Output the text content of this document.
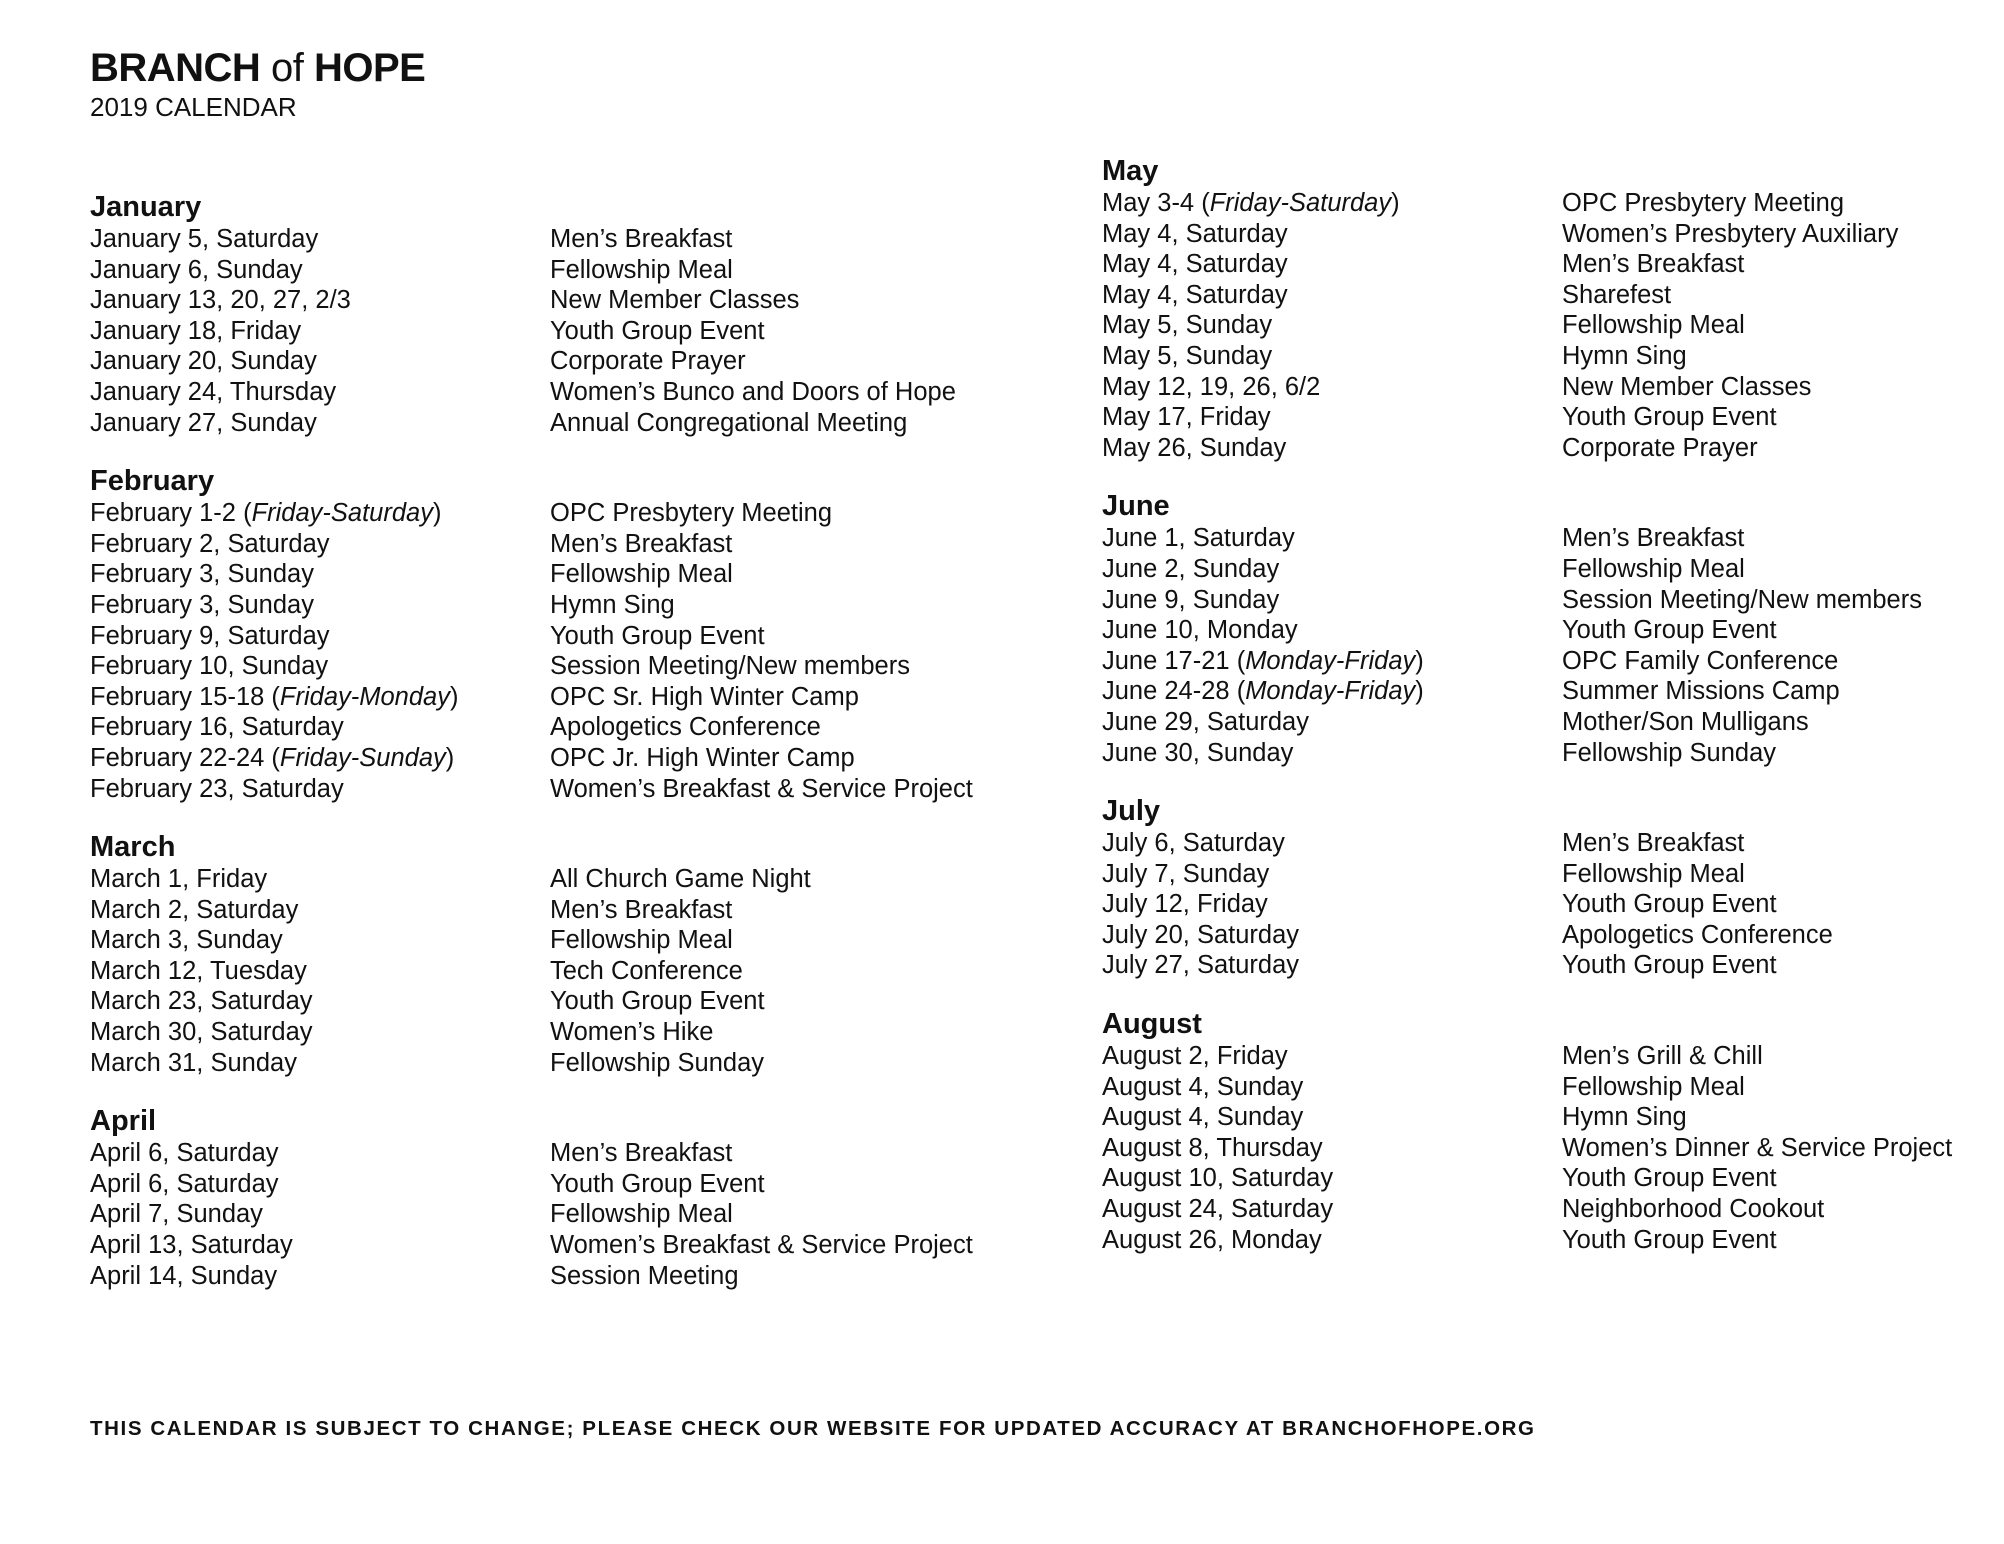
BRANCH of HOPE
2019 CALENDAR
January
January 5, Saturday	Men’s Breakfast
January 6, Sunday	Fellowship Meal
January 13, 20, 27, 2/3	New Member Classes
January 18, Friday	Youth Group Event
January 20, Sunday	Corporate Prayer
January 24, Thursday	Women’s Bunco and Doors of Hope
January 27, Sunday	Annual Congregational Meeting
February
February 1-2 (Friday-Saturday)	OPC Presbytery Meeting
February 2, Saturday	Men’s Breakfast
February 3, Sunday	Fellowship Meal
February 3, Sunday	Hymn Sing
February 9, Saturday	Youth Group Event
February 10, Sunday	Session Meeting/New members
February 15-18 (Friday-Monday)	OPC Sr. High Winter Camp
February 16, Saturday	Apologetics Conference
February 22-24 (Friday-Sunday)	OPC Jr. High Winter Camp
February 23, Saturday	Women’s Breakfast & Service Project
March
March 1, Friday	All Church Game Night
March 2, Saturday	Men’s Breakfast
March 3, Sunday	Fellowship Meal
March 12, Tuesday	Tech Conference
March 23, Saturday	Youth Group Event
March 30, Saturday	Women’s Hike
March 31, Sunday	Fellowship Sunday
April
April 6, Saturday	Men’s Breakfast
April 6, Saturday	Youth Group Event
April 7, Sunday	Fellowship Meal
April 13, Saturday	Women’s Breakfast & Service Project
April 14, Sunday	Session Meeting
May
May 3-4 (Friday-Saturday)	OPC Presbytery Meeting
May 4, Saturday	Women’s Presbytery Auxiliary
May 4, Saturday	Men’s Breakfast
May 4, Saturday	Sharefest
May 5, Sunday	Fellowship Meal
May 5, Sunday	Hymn Sing
May 12, 19, 26, 6/2	New Member Classes
May 17, Friday	Youth Group Event
May 26, Sunday	Corporate Prayer
June
June 1, Saturday	Men’s Breakfast
June 2, Sunday	Fellowship Meal
June 9, Sunday	Session Meeting/New members
June 10, Monday	Youth Group Event
June 17-21 (Monday-Friday)	OPC Family Conference
June 24-28 (Monday-Friday)	Summer Missions Camp
June 29, Saturday	Mother/Son Mulligans
June 30, Sunday	Fellowship Sunday
July
July 6, Saturday	Men’s Breakfast
July 7, Sunday	Fellowship Meal
July 12, Friday	Youth Group Event
July 20, Saturday	Apologetics Conference
July 27, Saturday	Youth Group Event
August
August 2, Friday	Men’s Grill & Chill
August 4, Sunday	Fellowship Meal
August 4, Sunday	Hymn Sing
August 8, Thursday	Women’s Dinner & Service Project
August 10, Saturday	Youth Group Event
August 24, Saturday	Neighborhood Cookout
August 26, Monday	Youth Group Event
THIS CALENDAR IS SUBJECT TO CHANGE; PLEASE CHECK OUR WEBSITE FOR UPDATED ACCURACY AT BRANCHOFHOPE.ORG
